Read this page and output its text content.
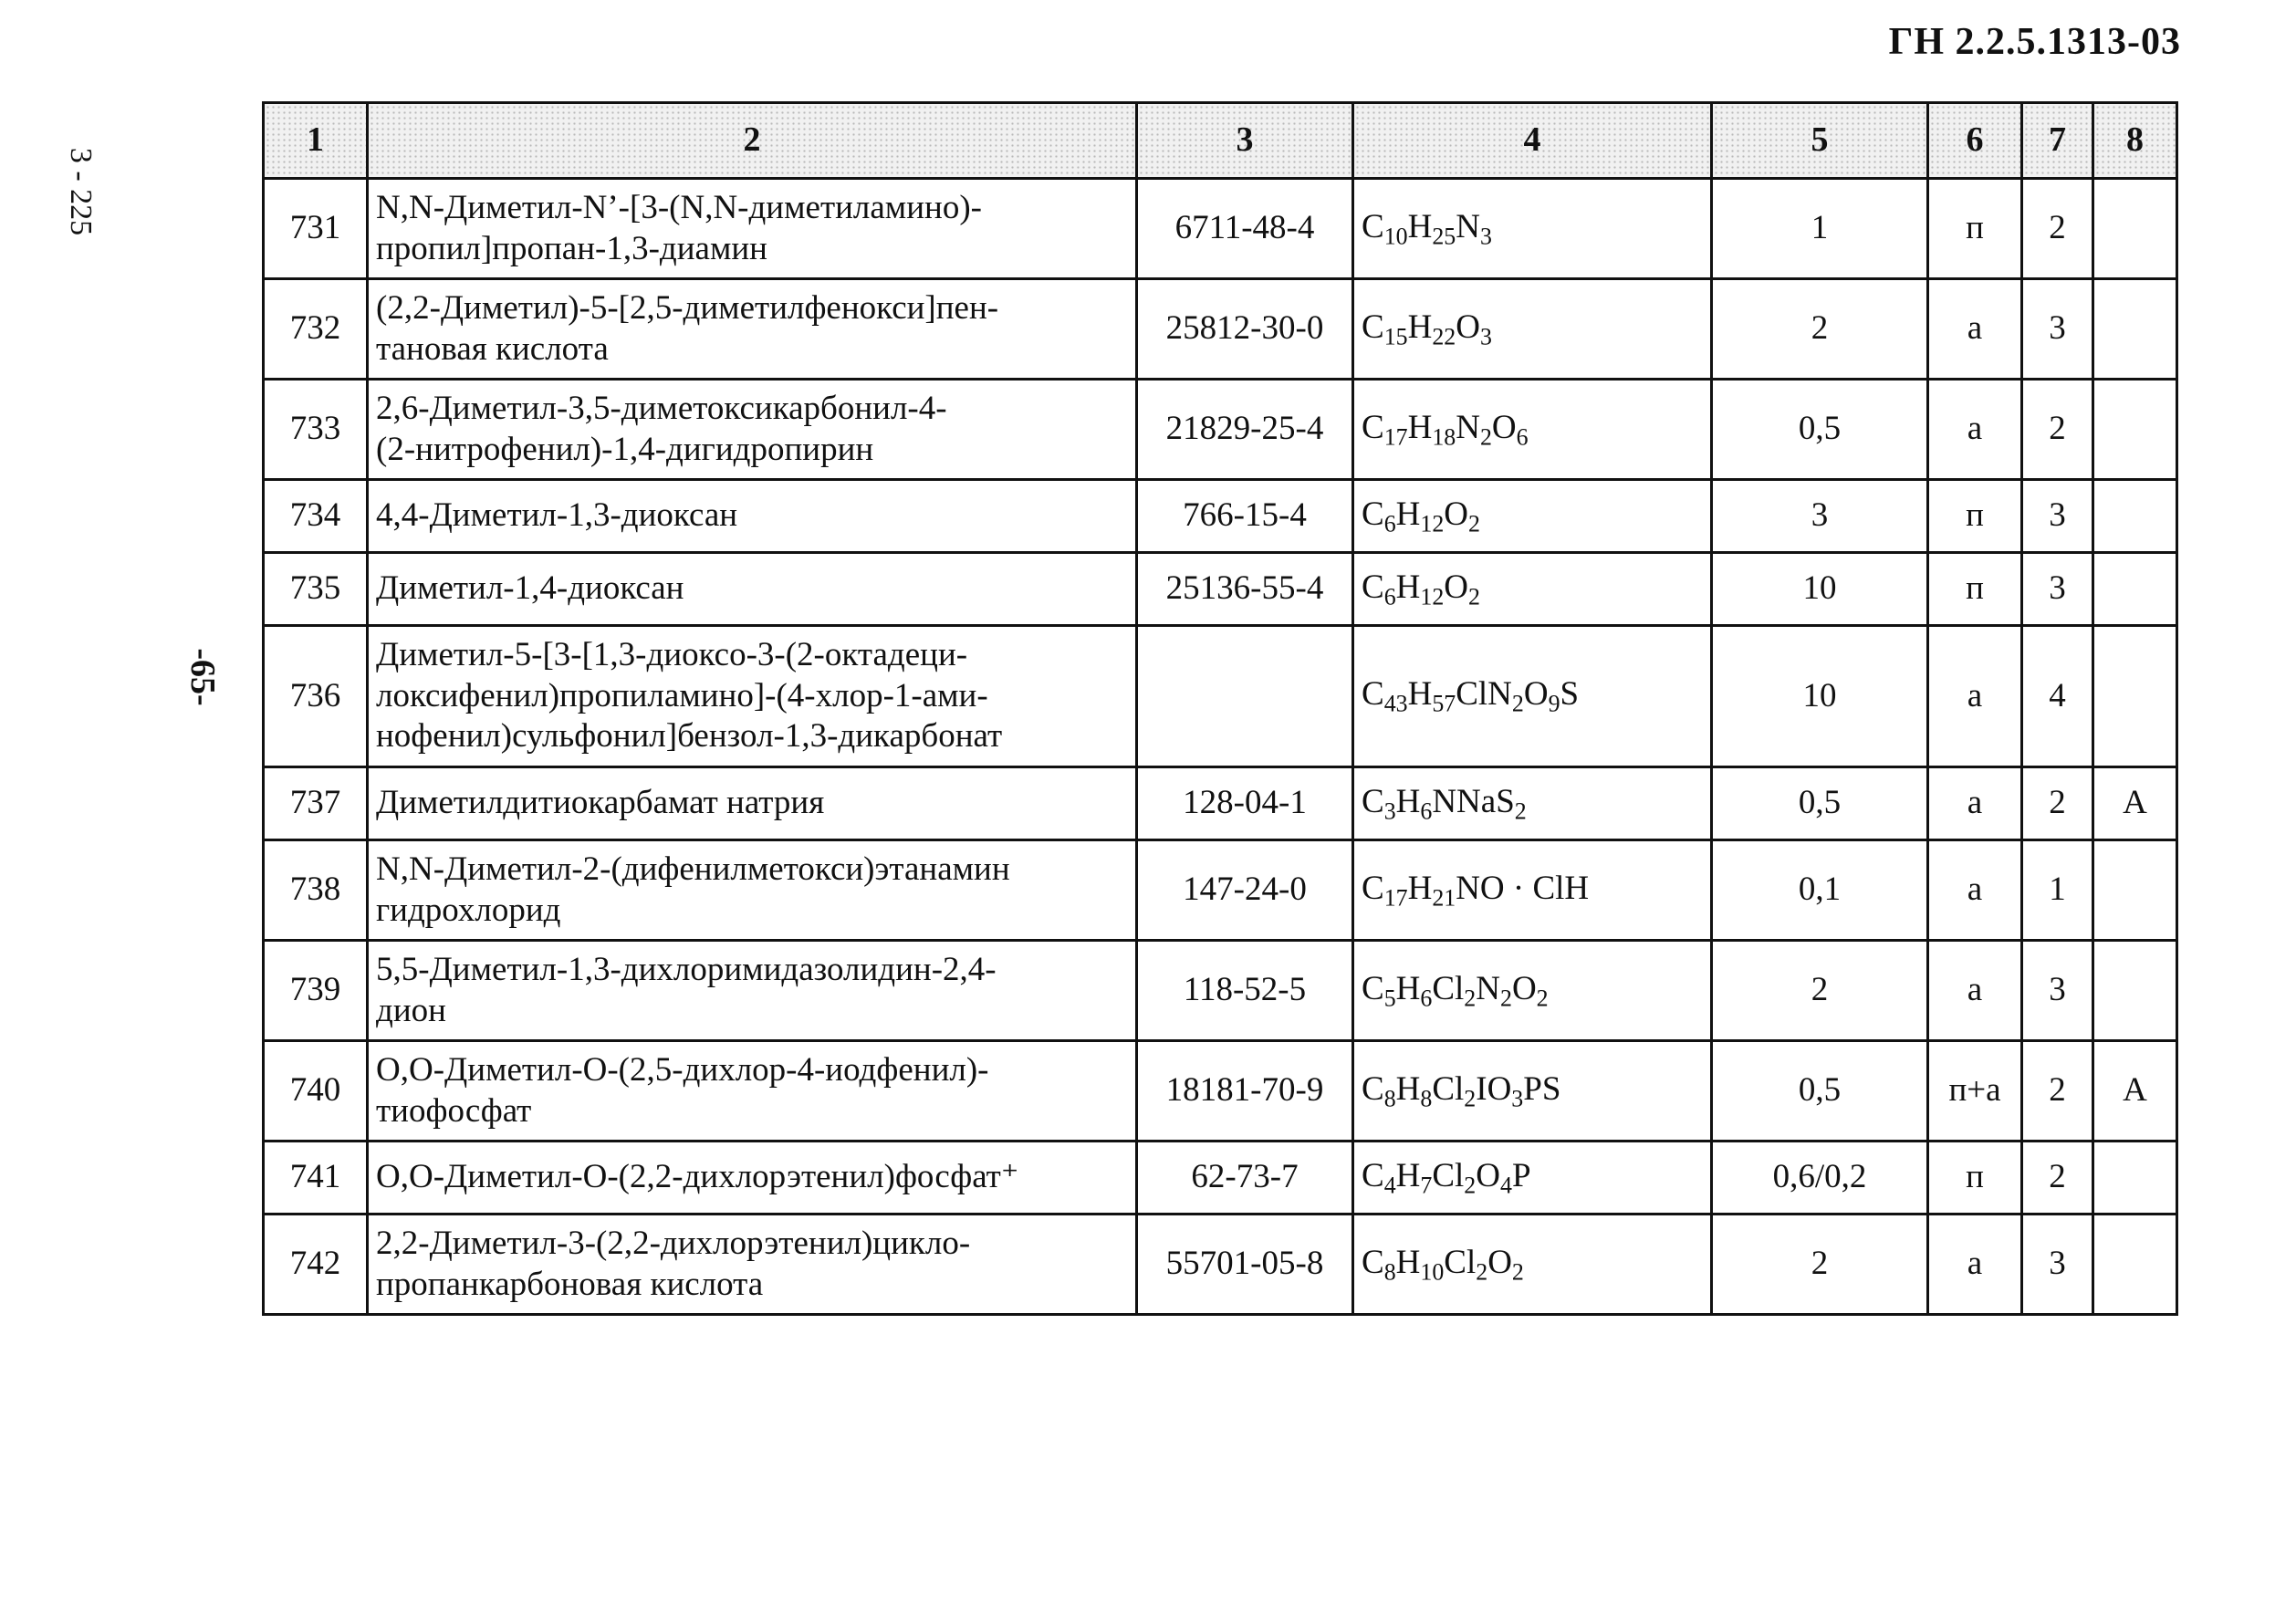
ГН 2.2.5.1313-03
3 - 225
-65-
1	2	3	4	5	6	7	8
731	N,N-Диметил-N’-[3-(N,N-диметиламино)-
пропил]пропан-1,3-диамин	6711-48-4	$C_{10}H_{25}N_3$	1	п	2	
732	(2,2-Диметил)-5-[2,5-диметилфенокси]пен-
тановая кислота	25812-30-0	$C_{15}H_{22}O_3$	2	а	3	
733	2,6-Диметил-3,5-диметоксикарбонил-4-
(2-нитрофенил)-1,4-дигидропирин	21829-25-4	$C_{17}H_{18}N_2O_6$	0,5	а	2	
734	4,4-Диметил-1,3-диоксан	766-15-4	$C_6H_{12}O_2$	3	п	3	
735	Диметил-1,4-диоксан	25136-55-4	$C_6H_{12}O_2$	10	п	3	
736	Диметил-5-[3-[1,3-диоксо-3-(2-октадеци-
локсифенил)пропиламино]-(4-хлор-1-ами-
нофенил)сульфонил]бензол-1,3-дикарбонат		$C_{43}H_{57}ClN_2O_9S$	10	а	4	
737	Диметилдитиокарбамат натрия	128-04-1	$C_3H_6NNaS_2$	0,5	а	2	А
738	N,N-Диметил-2-(дифенилметокси)этанамин
гидрохлорид	147-24-0	$C_{17}H_{21}NO$ · ClH	0,1	а	1	
739	5,5-Диметил-1,3-дихлоримидазолидин-2,4-
дион	118-52-5	$C_5H_6Cl_2N_2O_2$	2	а	3	
740	О,О-Диметил-О-(2,5-дихлор-4-иодфенил)-
тиофосфат	18181-70-9	$C_8H_8Cl_2IO_3PS$	0,5	п+а	2	А
741	О,О-Диметил-О-(2,2-дихлорэтенил)фосфат⁺	62-73-7	$C_4H_7Cl_2O_4P$	0,6/0,2	п	2	
742	2,2-Диметил-3-(2,2-дихлорэтенил)цикло-
пропанкарбоновая кислота	55701-05-8	$C_8H_{10}Cl_2O_2$	2	а	3	
